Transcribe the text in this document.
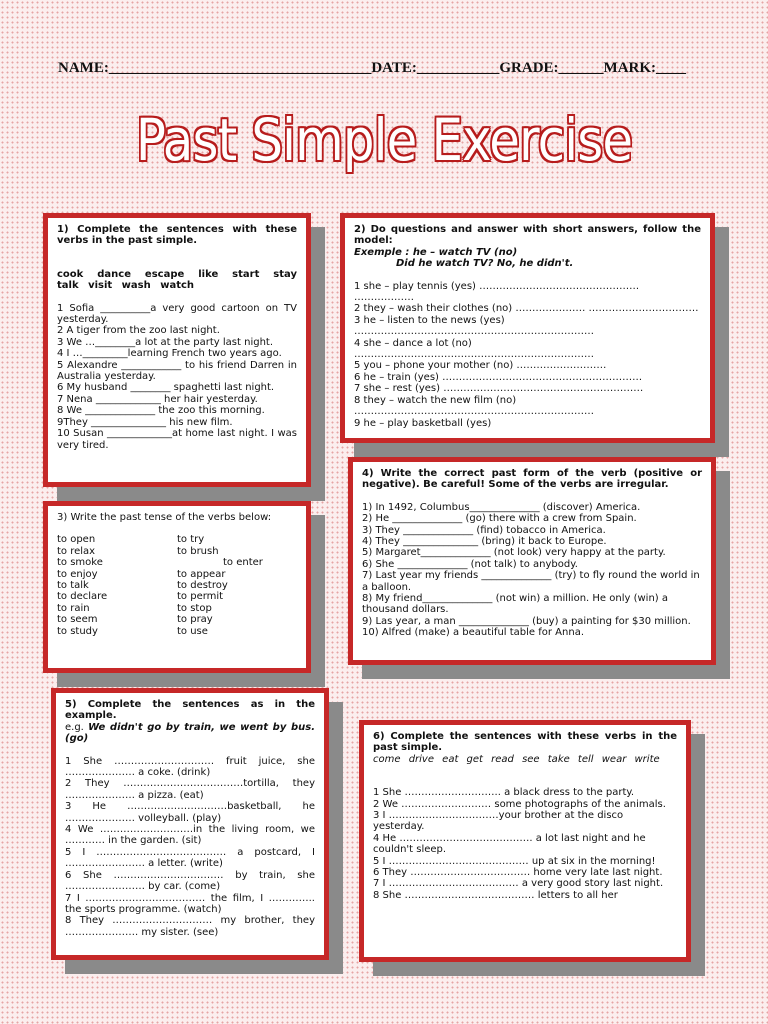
NAME:___________________________________DATE:___________GRADE:______MARK:____
Past Simple Exercise
1) Complete the sentences with these verbs in the past simple.
cook dance escape like start stay talk visit wash watch
1 Sofia __________a very good cartoon on TV yesterday.
2 A tiger from the zoo last night.
3 We …________a lot at the party last night.
4 I …_________learning French two years ago.
5 Alexandre ____________ to his friend Darren in Australia yesterday.
6 My husband ________ spaghetti last night.
7 Nena _____________ her hair yesterday.
8 We ______________ the zoo this morning.
9They _______________ his new film.
10 Susan _____________at home last night. I was very tired.
2) Do questions and answer with short answers, follow the model:
Exemple : he – watch TV (no)
Did he watch TV? No, he didn't.
1 she – play tennis (yes) ………………………………………… ………………
2 they – wash their clothes (no) ………………… ……………………………
3 he – listen to the news (yes) ………………………………………………………………
4 she – dance a lot (no) ………………………………………………………………
5 you – phone your mother (no) ………………………
6 he – train (yes) ……………………………………………………
7 she – rest (yes) ……………………………………………………
8 they – watch the new film (no) ………………………………………………………………
9 he – play basketball (yes)
3) Write the past tense of the verbs below:
to open
to relax
to smoke
to enjoy
to talk
to declare
to rain
to seem
to study
to try
to brush
to enter
to appear
to destroy
to permit
to stop
to pray
to use
4) Write the correct past form of the verb (positive or negative). Be careful! Some of the verbs are irregular.
1) In 1492, Columbus______________ (discover) America.
2) He ______________ (go) there with a crew from Spain.
3) They ______________ (find) tobacco in America.
4) They _______________ (bring) it back to Europe.
5) Margaret______________ (not look) very happy at the party.
6) She ______________ (not talk) to anybody.
7) Last year my friends ______________ (try) to fly round the world in a balloon.
8) My friend______________ (not win) a million. He only (win) a thousand dollars.
9) Las year, a man ______________ (buy) a painting for $30 million.
10) Alfred (make) a beautiful table for Anna.
5) Complete the sentences as in the example.
e.g. We didn't go by train, we went by bus. (go)
1 She ………………………… fruit juice, she ………………… a coke. (drink)
2 They ………………………………tortilla, they ………………… a pizza. (eat)
3 He …………………………basketball, he ………………… volleyball. (play)
4 We ……………………….in the living room, we ………… in the garden. (sit)
5 I ………………………………… a postcard, I …………………… a letter. (write)
6 She …………………………… by train, she …………………… by car. (come)
7 I ……………………………… the film, I ………….. the sports programme. (watch)
8 They ………………………… my brother, they …………………. my sister. (see)
6) Complete the sentences with these verbs in the past simple.
come drive eat get read see take tell wear write
1 She ……………………….. a black dress to the party.
2 We ……………………… some photographs of the animals.
3 I ……………………………your brother at the disco yesterday.
4 He …………………………………. a lot last night and he couldn't sleep.
5 I …………………………………… up at six in the morning!
6 They ……………………………… home very late last night.
7 I ………………………………… a very good story last night.
8 She ………………………………… letters to all her
